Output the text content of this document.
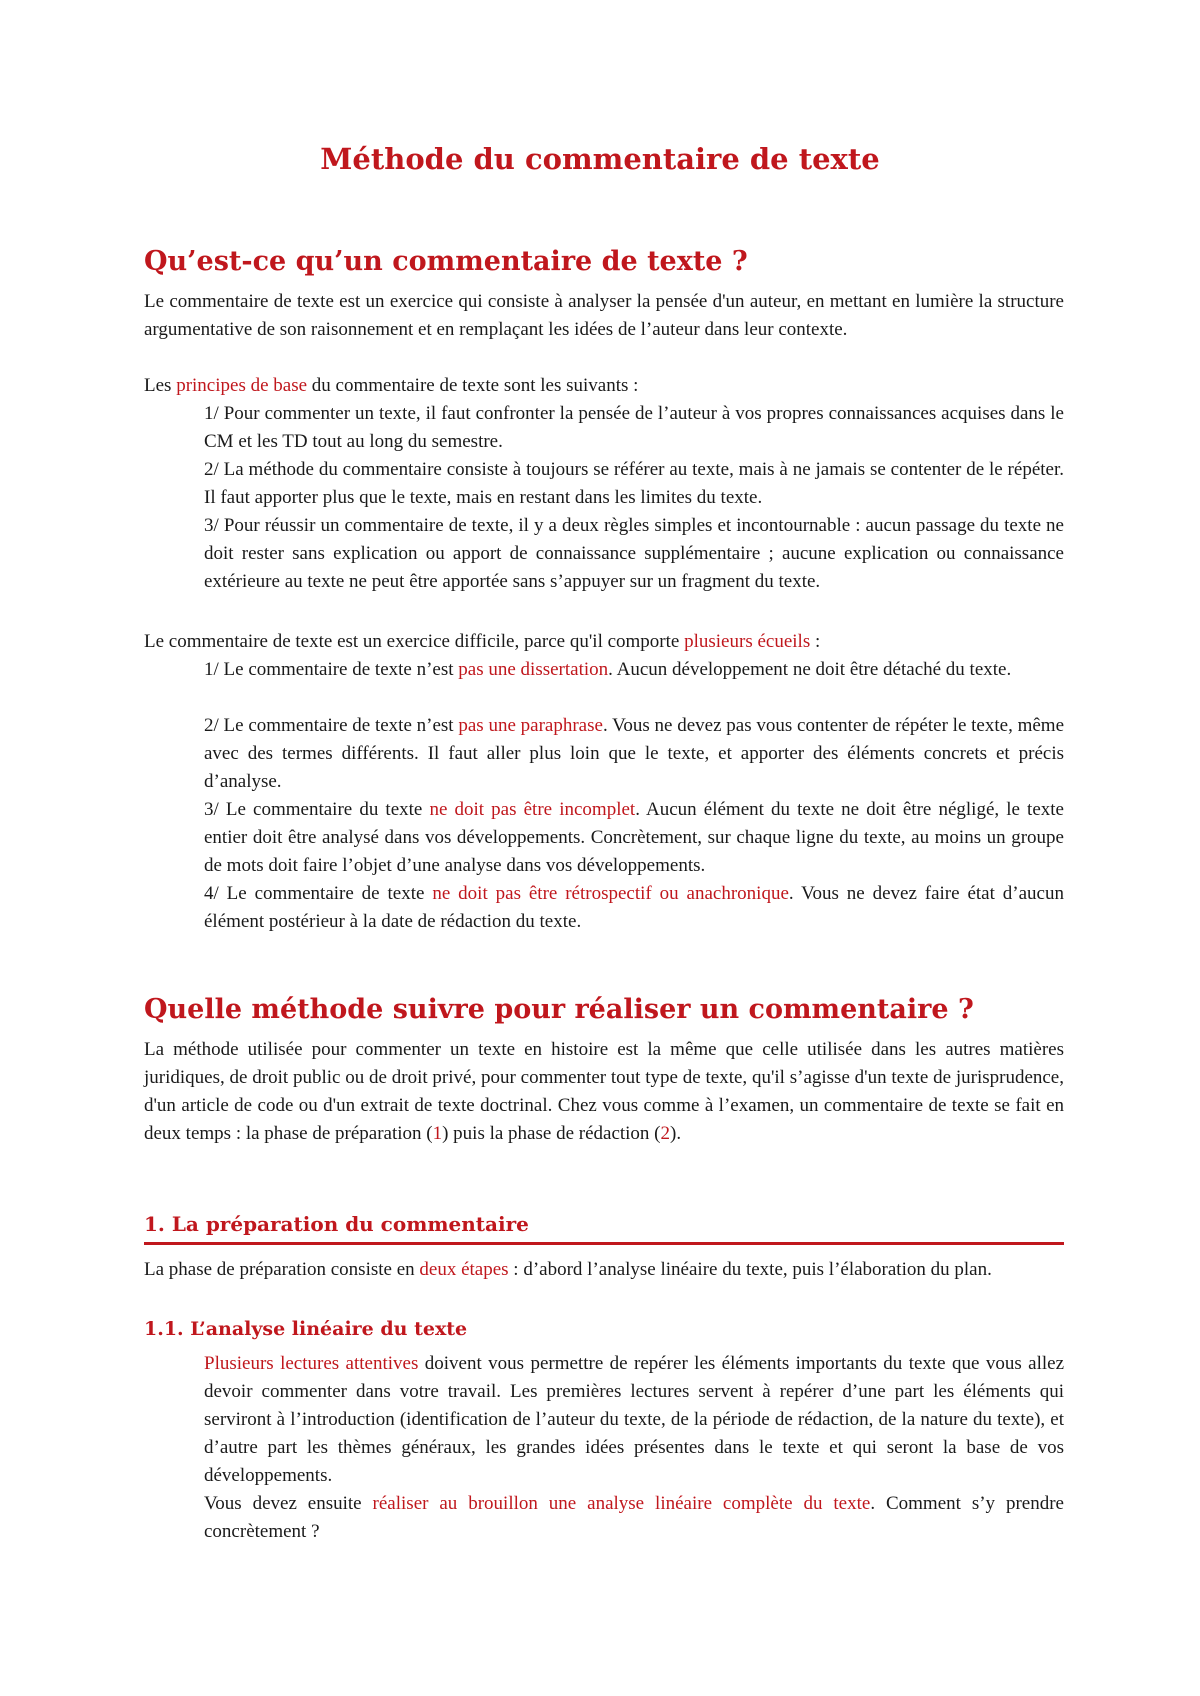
Méthode du commentaire de texte
Qu’est-ce qu’un commentaire de texte ?

Le commentaire de texte est un exercice qui consiste à analyser la pensée d'un auteur, en mettant en lumière la structure argumentative de son raisonnement et en remplaçant les idées de l’auteur dans leur contexte.

Les principes de base du commentaire de texte sont les suivants :

1/ Pour commenter un texte, il faut confronter la pensée de l’auteur à vos propres connaissances acquises dans le CM et les TD tout au long du semestre.

2/ La méthode du commentaire consiste à toujours se référer au texte, mais à ne jamais se contenter de le répéter. Il faut apporter plus que le texte, mais en restant dans les limites du texte.

3/ Pour réussir un commentaire de texte, il y a deux règles simples et incontournable : aucun passage du texte ne doit rester sans explication ou apport de connaissance supplémentaire ; aucune explication ou connaissance extérieure au texte ne peut être apportée sans s’appuyer sur un fragment du texte.

Le commentaire de texte est un exercice difficile, parce qu'il comporte plusieurs écueils :

1/ Le commentaire de texte n’est pas une dissertation. Aucun développement ne doit être détaché du texte.

2/ Le commentaire de texte n’est pas une paraphrase. Vous ne devez pas vous contenter de répéter le texte, même avec des termes différents. Il faut aller plus loin que le texte, et apporter des éléments concrets et précis d’analyse.

3/ Le commentaire du texte ne doit pas être incomplet. Aucun élément du texte ne doit être négligé, le texte entier doit être analysé dans vos développements. Concrètement, sur chaque ligne du texte, au moins un groupe de mots doit faire l’objet d’une analyse dans vos développements.

4/ Le commentaire de texte ne doit pas être rétrospectif ou anachronique. Vous ne devez faire état d’aucun élément postérieur à la date de rédaction du texte.

Quelle méthode suivre pour réaliser un commentaire ?

La méthode utilisée pour commenter un texte en histoire est la même que celle utilisée dans les autres matières juridiques, de droit public ou de droit privé, pour commenter tout type de texte, qu'il s’agisse d'un texte de jurisprudence, d'un article de code ou d'un extrait de texte doctrinal. Chez vous comme à l’examen, un commentaire de texte se fait en deux temps : la phase de préparation (1) puis la phase de rédaction (2).

1. La préparation du commentaire

La phase de préparation consiste en deux étapes : d’abord l’analyse linéaire du texte, puis l’élaboration du plan.

1.1. L’analyse linéaire du texte

Plusieurs lectures attentives doivent vous permettre de repérer les éléments importants du texte que vous allez devoir commenter dans votre travail. Les premières lectures servent à repérer d’une part les éléments qui serviront à l’introduction (identification de l’auteur du texte, de la période de rédaction, de la nature du texte), et d’autre part les thèmes généraux, les grandes idées présentes dans le texte et qui seront la base de vos développements.

Vous devez ensuite réaliser au brouillon une analyse linéaire complète du texte. Comment s’y prendre concrètement ?
